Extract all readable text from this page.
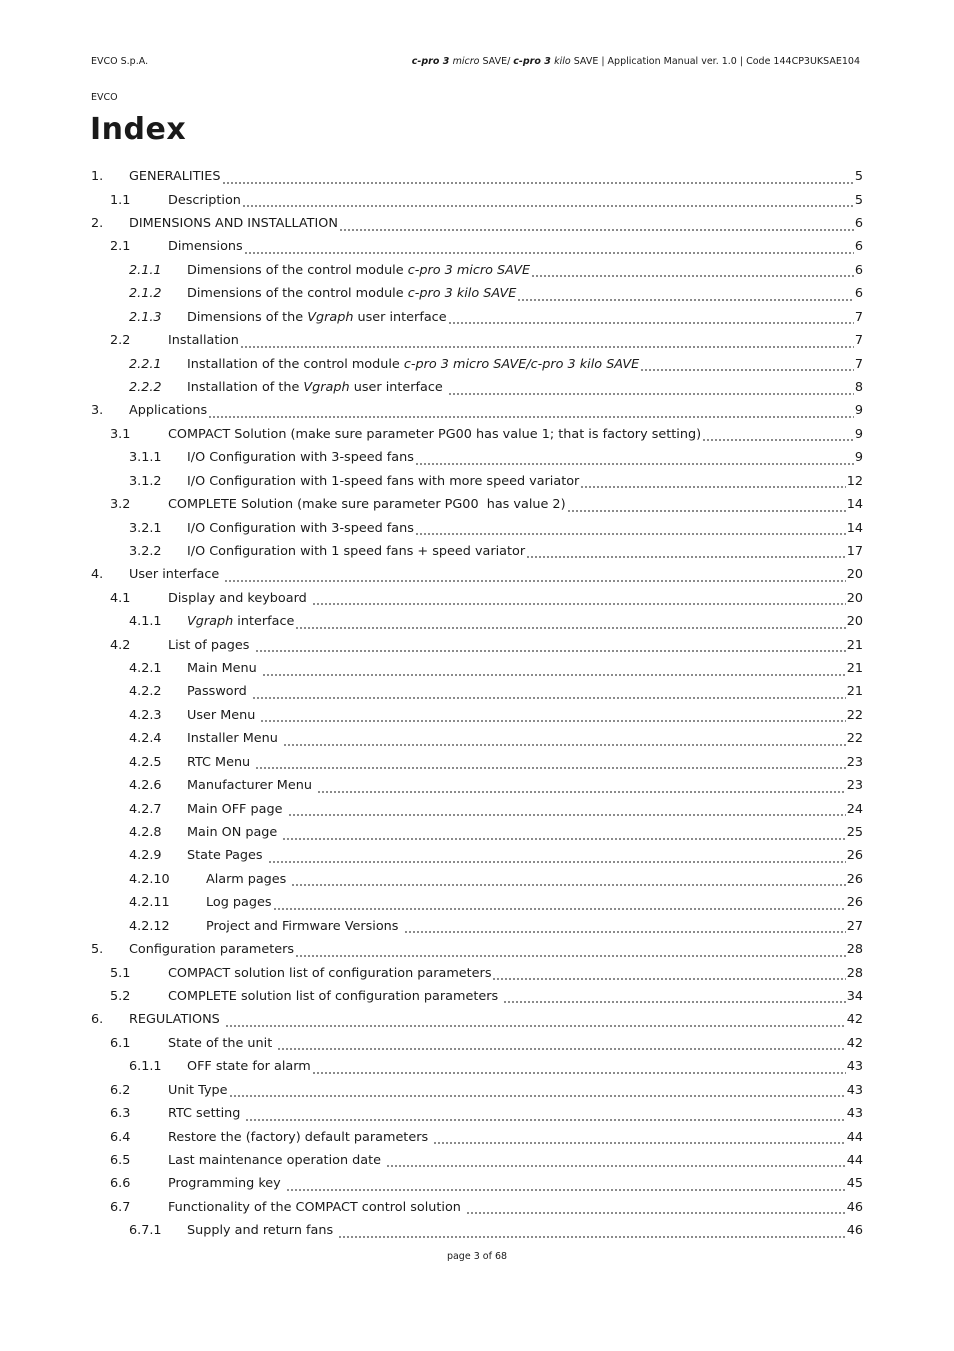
EVCO S.p.A.	c-pro 3 micro SAVE/ c-pro 3 kilo SAVE | Application Manual ver. 1.0 | Code 144CP3UKSAE104
EVCO
Index
1.	GENERALITIES	5
1.1	Description	5
2.	DIMENSIONS AND INSTALLATION	6
2.1	Dimensions	6
2.1.1	Dimensions of the control module c-pro 3 micro SAVE	6
2.1.2	Dimensions of the control module c-pro 3 kilo SAVE	6
2.1.3	Dimensions of the Vgraph user interface	7
2.2	Installation	7
2.2.1	Installation of the control module c-pro 3 micro SAVE/c-pro 3 kilo SAVE	7
2.2.2	Installation of the Vgraph user interface	8
3.	Applications	9
3.1	COMPACT Solution (make sure parameter PG00 has value 1; that is factory setting)	9
3.1.1	I/O Configuration with 3-speed fans	9
3.1.2	I/O Configuration with 1-speed fans with more speed variator	12
3.2	COMPLETE Solution (make sure parameter PG00  has value 2)	14
3.2.1	I/O Configuration with 3-speed fans	14
3.2.2	I/O Configuration with 1 speed fans + speed variator	17
4.	User interface	20
4.1	Display and keyboard	20
4.1.1	Vgraph interface	20
4.2	List of pages	21
4.2.1	Main Menu	21
4.2.2	Password	21
4.2.3	User Menu	22
4.2.4	Installer Menu	22
4.2.5	RTC Menu	23
4.2.6	Manufacturer Menu	23
4.2.7	Main OFF page	24
4.2.8	Main ON page	25
4.2.9	State Pages	26
4.2.10	Alarm pages	26
4.2.11	Log pages	26
4.2.12	Project and Firmware Versions	27
5.	Configuration parameters	28
5.1	COMPACT solution list of configuration parameters	28
5.2	COMPLETE solution list of configuration parameters	34
6.	REGULATIONS	42
6.1	State of the unit	42
6.1.1	OFF state for alarm	43
6.2	Unit Type	43
6.3	RTC setting	43
6.4	Restore the (factory) default parameters	44
6.5	Last maintenance operation date	44
6.6	Programming key	45
6.7	Functionality of the COMPACT control solution	46
6.7.1	Supply and return fans	46
page 3 of 68
